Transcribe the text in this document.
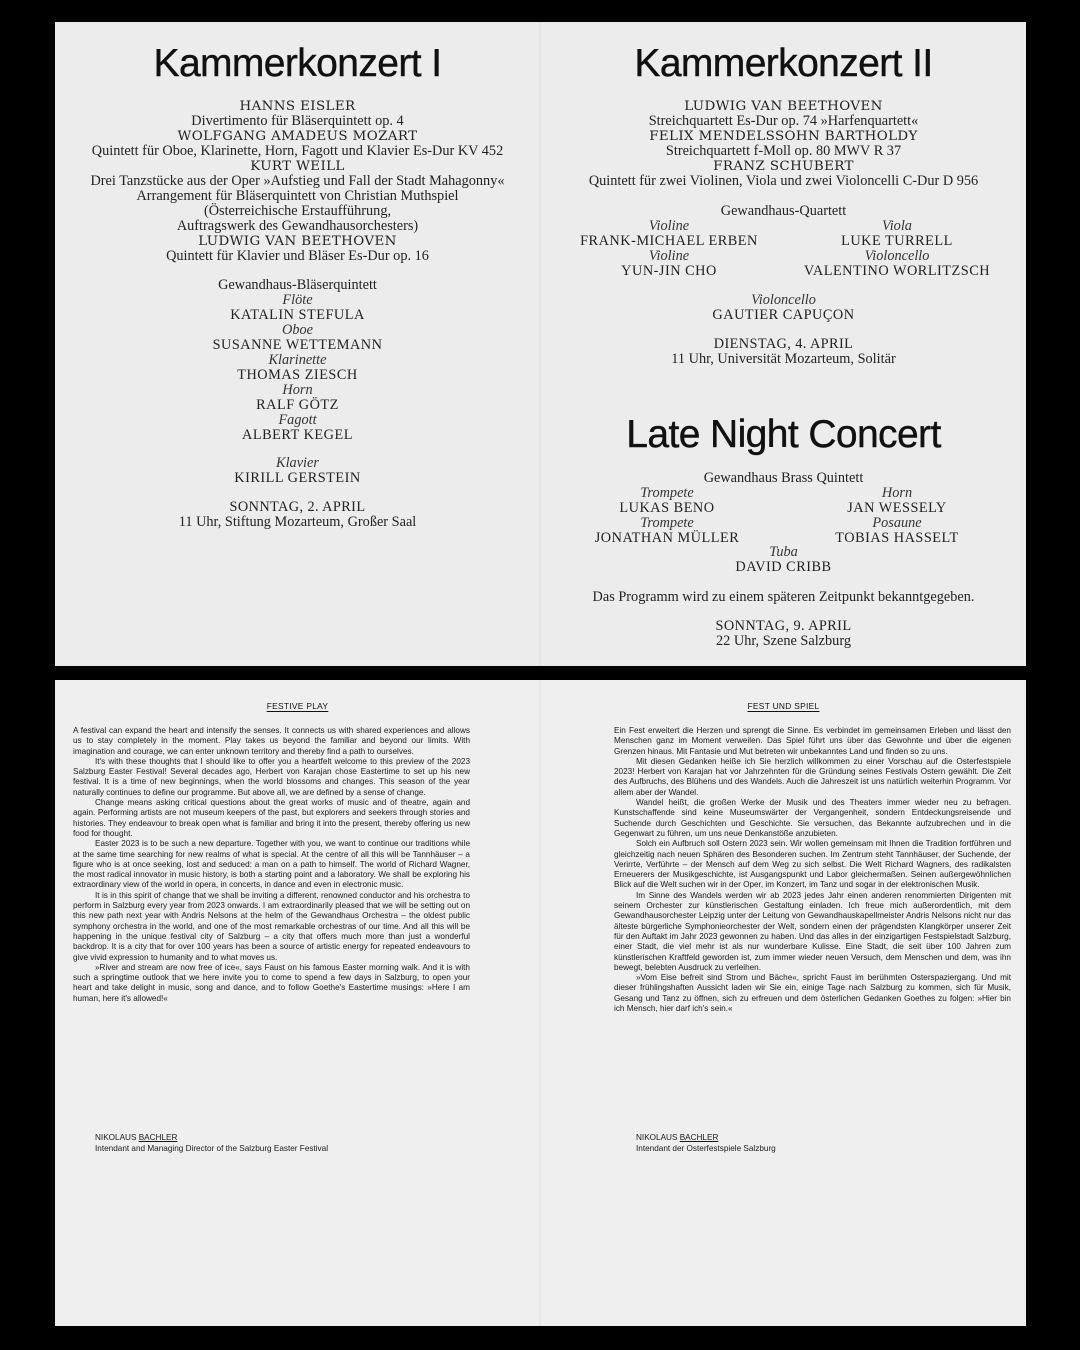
Kammerkonzert I
HANNS EISLER
Divertimento für Bläserquintett op. 4
WOLFGANG AMADEUS MOZART
Quintett für Oboe, Klarinette, Horn, Fagott und Klavier Es-Dur KV 452
KURT WEILL
Drei Tanzstücke aus der Oper »Aufstieg und Fall der Stadt Mahagonny«
Arrangement für Bläserquintett von Christian Muthspiel
(Österreichische Erstaufführung,
Auftragswerk des Gewandhausorchesters)
LUDWIG VAN BEETHOVEN
Quintett für Klavier und Bläser Es-Dur op. 16
Gewandhaus-Bläserquintett
Flöte
KATALIN STEFULA
Oboe
SUSANNE WETTEMANN
Klarinette
THOMAS ZIESCH
Horn
RALF GÖTZ
Fagott
ALBERT KEGEL
Klavier
KIRILL GERSTEIN
SONNTAG, 2. APRIL
11 Uhr, Stiftung Mozarteum, Großer Saal
Kammerkonzert II
LUDWIG VAN BEETHOVEN
Streichquartett Es-Dur op. 74 »Harfenquartett«
FELIX MENDELSSOHN BARTHOLDY
Streichquartett f-Moll op. 80 MWV R 37
FRANZ SCHUBERT
Quintett für zwei Violinen, Viola und zwei Violoncelli C-Dur D 956
Gewandhaus-Quartett
Violine
FRANK-MICHAEL ERBEN
Violine
YUN-JIN CHO
Viola
LUKE TURRELL
Violoncello
VALENTINO WORLITZSCH
Violoncello
GAUTIER CAPUÇON
DIENSTAG, 4. APRIL
11 Uhr, Universität Mozarteum, Solitär
Late Night Concert
Gewandhaus Brass Quintett
Trompete
LUKAS BENO
Trompete
JONATHAN MÜLLER
Horn
JAN WESSELY
Posaune
TOBIAS HASSELT
Tuba
DAVID CRIBB
Das Programm wird zu einem späteren Zeitpunkt bekanntgegeben.
SONNTAG, 9. APRIL
22 Uhr, Szene Salzburg
FESTIVE PLAY

A festival can expand the heart and intensify the senses. It connects us with shared experiences and allows us to stay completely in the moment. Play takes us beyond the familiar and beyond our limits. With imagination and courage, we can enter unknown territory and thereby find a path to ourselves.

It's with these thoughts that I should like to offer you a heartfelt welcome to this preview of the 2023 Salzburg Easter Festival! Several decades ago, Herbert von Karajan chose Eastertime to set up his new festival. It is a time of new beginnings, when the world blossoms and changes. This season of the year naturally continues to define our programme. But above all, we are defined by a sense of change.

Change means asking critical questions about the great works of music and of theatre, again and again. Performing artists are not museum keepers of the past, but explorers and seekers through stories and histories. They endeavour to break open what is familiar and bring it into the present, thereby offering us new food for thought.

Easter 2023 is to be such a new departure. Together with you, we want to continue our traditions while at the same time searching for new realms of what is special. At the centre of all this will be Tannhäuser – a figure who is at once seeking, lost and seduced: a man on a path to himself. The world of Richard Wagner, the most radical innovator in music history, is both a starting point and a laboratory. We shall be exploring his extraordinary view of the world in opera, in concerts, in dance and even in electronic music.

It is in this spirit of change that we shall be inviting a different, renowned conductor and his orchestra to perform in Salzburg every year from 2023 onwards. I am extraordinarily pleased that we will be setting out on this new path next year with Andris Nelsons at the helm of the Gewandhaus Orchestra – the oldest public symphony orchestra in the world, and one of the most remarkable orchestras of our time. And all this will be happening in the unique festival city of Salzburg – a city that offers much more than just a wonderful backdrop. It is a city that for over 100 years has been a source of artistic energy for repeated endeavours to give vivid expression to humanity and to what moves us.

»River and stream are now free of ice«, says Faust on his famous Easter morning walk. And it is with such a springtime outlook that we here invite you to come to spend a few days in Salzburg, to open your heart and take delight in music, song and dance, and to follow Goethe's Eastertime musings: »Here I am human, here it's allowed!«

NIKOLAUS BACHLER
Intendant and Managing Director of the Salzburg Easter Festival
FEST UND SPIEL

Ein Fest erweitert die Herzen und sprengt die Sinne. Es verbindet im gemeinsamen Erleben und lässt den Menschen ganz im Moment verweilen. Das Spiel führt uns über das Gewohnte und über die eigenen Grenzen hinaus. Mit Fantasie und Mut betreten wir unbekanntes Land und finden so zu uns.

Mit diesen Gedanken heiße ich Sie herzlich willkommen zu einer Vorschau auf die Osterfestspiele 2023! Herbert von Karajan hat vor Jahrzehnten für die Gründung seines Festivals Ostern gewählt. Die Zeit des Aufbruchs, des Blühens und des Wandels. Auch die Jahreszeit ist uns natürlich weiterhin Programm. Vor allem aber der Wandel.

Wandel heißt, die großen Werke der Musik und des Theaters immer wieder neu zu befragen. Kunstschaffende sind keine Museumswärter der Vergangenheit, sondern Entdeckungsreisende und Suchende durch Geschichten und Geschichte. Sie versuchen, das Bekannte aufzubrechen und in die Gegenwart zu führen, um uns neue Denkanstöße anzubieten.

Solch ein Aufbruch soll Ostern 2023 sein. Wir wollen gemeinsam mit Ihnen die Tradition fortführen und gleichzeitig nach neuen Sphären des Besonderen suchen. Im Zentrum steht Tannhäuser, der Suchende, der Verirrte, Verführte – der Mensch auf dem Weg zu sich selbst. Die Welt Richard Wagners, des radikalsten Erneuerers der Musikgeschichte, ist Ausgangspunkt und Labor gleichermaßen. Seinen außergewöhnlichen Blick auf die Welt suchen wir in der Oper, im Konzert, im Tanz und sogar in der elektronischen Musik.

Im Sinne des Wandels werden wir ab 2023 jedes Jahr einen anderen renommierten Dirigenten mit seinem Orchester zur künstlerischen Gestaltung einladen. Ich freue mich außerordentlich, mit dem Gewandhausorchester Leipzig unter der Leitung von Gewandhauskapellmeister Andris Nelsons nicht nur das älteste bürgerliche Symphonieorchester der Welt, sondern einen der prägendsten Klangkörper unserer Zeit für den Auftakt im Jahr 2023 gewonnen zu haben. Und das alles in der einzigartigen Festspielstadt Salzburg, einer Stadt, die viel mehr ist als nur wunderbare Kulisse. Eine Stadt, die seit über 100 Jahren zum künstlerischen Kraftfeld geworden ist, zum immer wieder neuen Versuch, dem Menschen und dem, was ihn bewegt, belebten Ausdruck zu verleihen.

»Vom Eise befreit sind Strom und Bäche«, spricht Faust im berühmten Osterspaziergang. Und mit dieser frühlingshaften Aussicht laden wir Sie ein, einige Tage nach Salzburg zu kommen, sich für Musik, Gesang und Tanz zu öffnen, sich zu erfreuen und dem österlichen Gedanken Goethes zu folgen: »Hier bin ich Mensch, hier darf ich's sein.«

NIKOLAUS BACHLER
Intendant der Osterfestspiele Salzburg
